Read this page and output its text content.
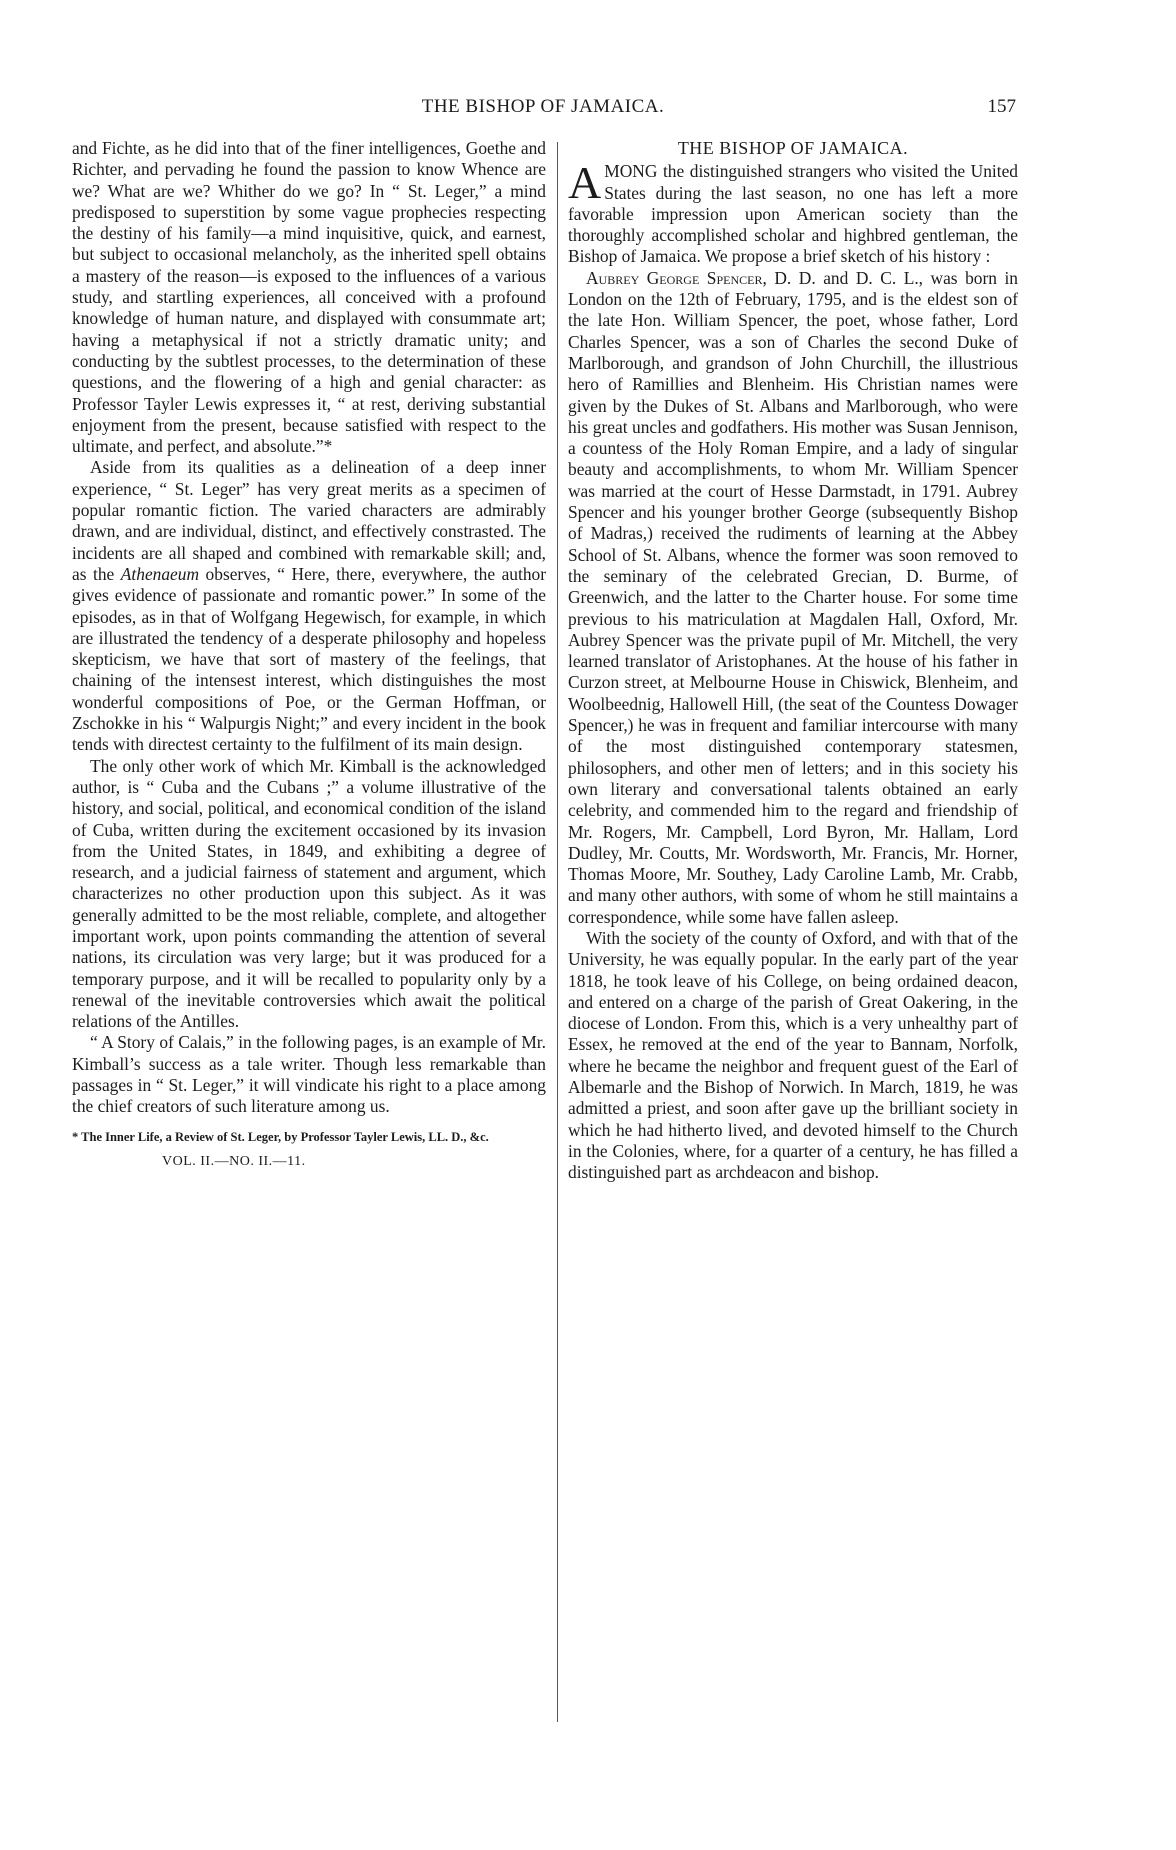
THE BISHOP OF JAMAICA.	157

and Fichte, as he did into that of the finer intelligences, Goethe and Richter, and pervading he found the passion to know Whence are we? What are we? Whither do we go? In “ St. Leger,” a mind predisposed to superstition by some vague prophecies respecting the destiny of his family—a mind inquisitive, quick, and earnest, but subject to occasional melancholy, as the inherited spell obtains a mastery of the reason—is exposed to the influences of a various study, and startling experiences, all conceived with a profound knowledge of human nature, and displayed with consummate art; having a metaphysical if not a strictly dramatic unity; and conducting by the subtlest processes, to the determination of these questions, and the flowering of a high and genial character: as Professor Tayler Lewis expresses it, “ at rest, deriving substantial enjoyment from the present, because satisfied with respect to the ultimate, and perfect, and absolute.”*

Aside from its qualities as a delineation of a deep inner experience, “ St. Leger” has very great merits as a specimen of popular romantic fiction. The varied characters are admirably drawn, and are individual, distinct, and effectively constrasted. The incidents are all shaped and combined with remarkable skill; and, as the Athenaeum observes, “ Here, there, everywhere, the author gives evidence of passionate and romantic power.” In some of the episodes, as in that of Wolfgang Hegewisch, for example, in which are illustrated the tendency of a desperate philosophy and hopeless skepticism, we have that sort of mastery of the feelings, that chaining of the intensest interest, which distinguishes the most wonderful compositions of Poe, or the German Hoffman, or Zschokke in his “ Walpurgis Night;” and every incident in the book tends with directest certainty to the fulfilment of its main design.

The only other work of which Mr. Kimball is the acknowledged author, is “ Cuba and the Cubans ;” a volume illustrative of the history, and social, political, and economical condition of the island of Cuba, written during the excitement occasioned by its invasion from the United States, in 1849, and exhibiting a degree of research, and a judicial fairness of statement and argument, which characterizes no other production upon this subject. As it was generally admitted to be the most reliable, complete, and altogether important work, upon points commanding the attention of several nations, its circulation was very large; but it was produced for a temporary purpose, and it will be recalled to popularity only by a renewal of the inevitable controversies which await the political relations of the Antilles.

“ A Story of Calais,” in the following pages, is an example of Mr. Kimball’s success as a tale writer. Though less remarkable than passages in “ St. Leger,” it will vindicate his right to a place among the chief creators of such literature among us.

* The Inner Life, a Review of St. Leger, by Professor Tayler Lewis, LL. D., &c.
VOL. II.—NO. II.—11.
THE BISHOP OF JAMAICA.

AMONG the distinguished strangers who visited the United States during the last season, no one has left a more favorable impression upon American society than the thoroughly accomplished scholar and highbred gentleman, the Bishop of Jamaica. We propose a brief sketch of his history :

Aubrey George Spencer, D. D. and D. C. L., was born in London on the 12th of February, 1795, and is the eldest son of the late Hon. William Spencer, the poet, whose father, Lord Charles Spencer, was a son of Charles the second Duke of Marlborough, and grandson of John Churchill, the illustrious hero of Ramillies and Blenheim. His Christian names were given by the Dukes of St. Albans and Marlborough, who were his great uncles and godfathers. His mother was Susan Jennison, a countess of the Holy Roman Empire, and a lady of singular beauty and accomplishments, to whom Mr. William Spencer was married at the court of Hesse Darmstadt, in 1791. Aubrey Spencer and his younger brother George (subsequently Bishop of Madras,) received the rudiments of learning at the Abbey School of St. Albans, whence the former was soon removed to the seminary of the celebrated Grecian, D. Burme, of Greenwich, and the latter to the Charter house. For some time previous to his matriculation at Magdalen Hall, Oxford, Mr. Aubrey Spencer was the private pupil of Mr. Mitchell, the very learned translator of Aristophanes. At the house of his father in Curzon street, at Melbourne House in Chiswick, Blenheim, and Woolbeednig, Hallowell Hill, (the seat of the Countess Dowager Spencer,) he was in frequent and familiar intercourse with many of the most distinguished contemporary statesmen, philosophers, and other men of letters; and in this society his own literary and conversational talents obtained an early celebrity, and commended him to the regard and friendship of Mr. Rogers, Mr. Campbell, Lord Byron, Mr. Hallam, Lord Dudley, Mr. Coutts, Mr. Wordsworth, Mr. Francis, Mr. Horner, Thomas Moore, Mr. Southey, Lady Caroline Lamb, Mr. Crabb, and many other authors, with some of whom he still maintains a correspondence, while some have fallen asleep.

With the society of the county of Oxford, and with that of the University, he was equally popular. In the early part of the year 1818, he took leave of his College, on being ordained deacon, and entered on a charge of the parish of Great Oakering, in the diocese of London. From this, which is a very unhealthy part of Essex, he removed at the end of the year to Bannam, Norfolk, where he became the neighbor and frequent guest of the Earl of Albemarle and the Bishop of Norwich. In March, 1819, he was admitted a priest, and soon after gave up the brilliant society in which he had hitherto lived, and devoted himself to the Church in the Colonies, where, for a quarter of a century, he has filled a distinguished part as archdeacon and bishop.
